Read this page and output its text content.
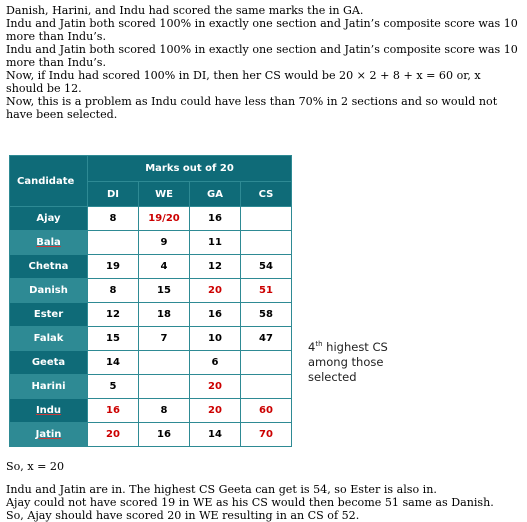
Danish, Harini, and Indu had scored the same marks the in GA.

Indu and Jatin both scored 100% in exactly one section and Jatin’s composite score was 10 more than Indu’s.

Indu and Jatin both scored 100% in exactly one section and Jatin’s composite score was 10 more than Indu’s.

Now, if Indu had scored 100% in DI, then her CS would be 20 × 2 + 8 + x = 60 or, x should be 12.

Now, this is a problem as Indu could have less than 70% in 2 sections and so would not have been selected.

Candidate	Marks out of 20			
	DI	WE	GA	CS
Ajay	8	19/20	16	
Bala		9	11	
Chetna	19	4	12	54
Danish	8	15	20	51
Ester	12	18	16	58
Falak	15	7	10	47
Geeta	14		6	
Harini	5		20	
Indu	16	8	20	60
Jatin	20	16	14	70
4th highest CS among those selected

So, x = 20

Indu and Jatin are in. The highest CS Geeta can get is 54, so Ester is also in.

Ajay could not have scored 19 in WE as his CS would then become 51 same as Danish.

So, Ajay should have scored 20 in WE resulting in an CS of 52.
